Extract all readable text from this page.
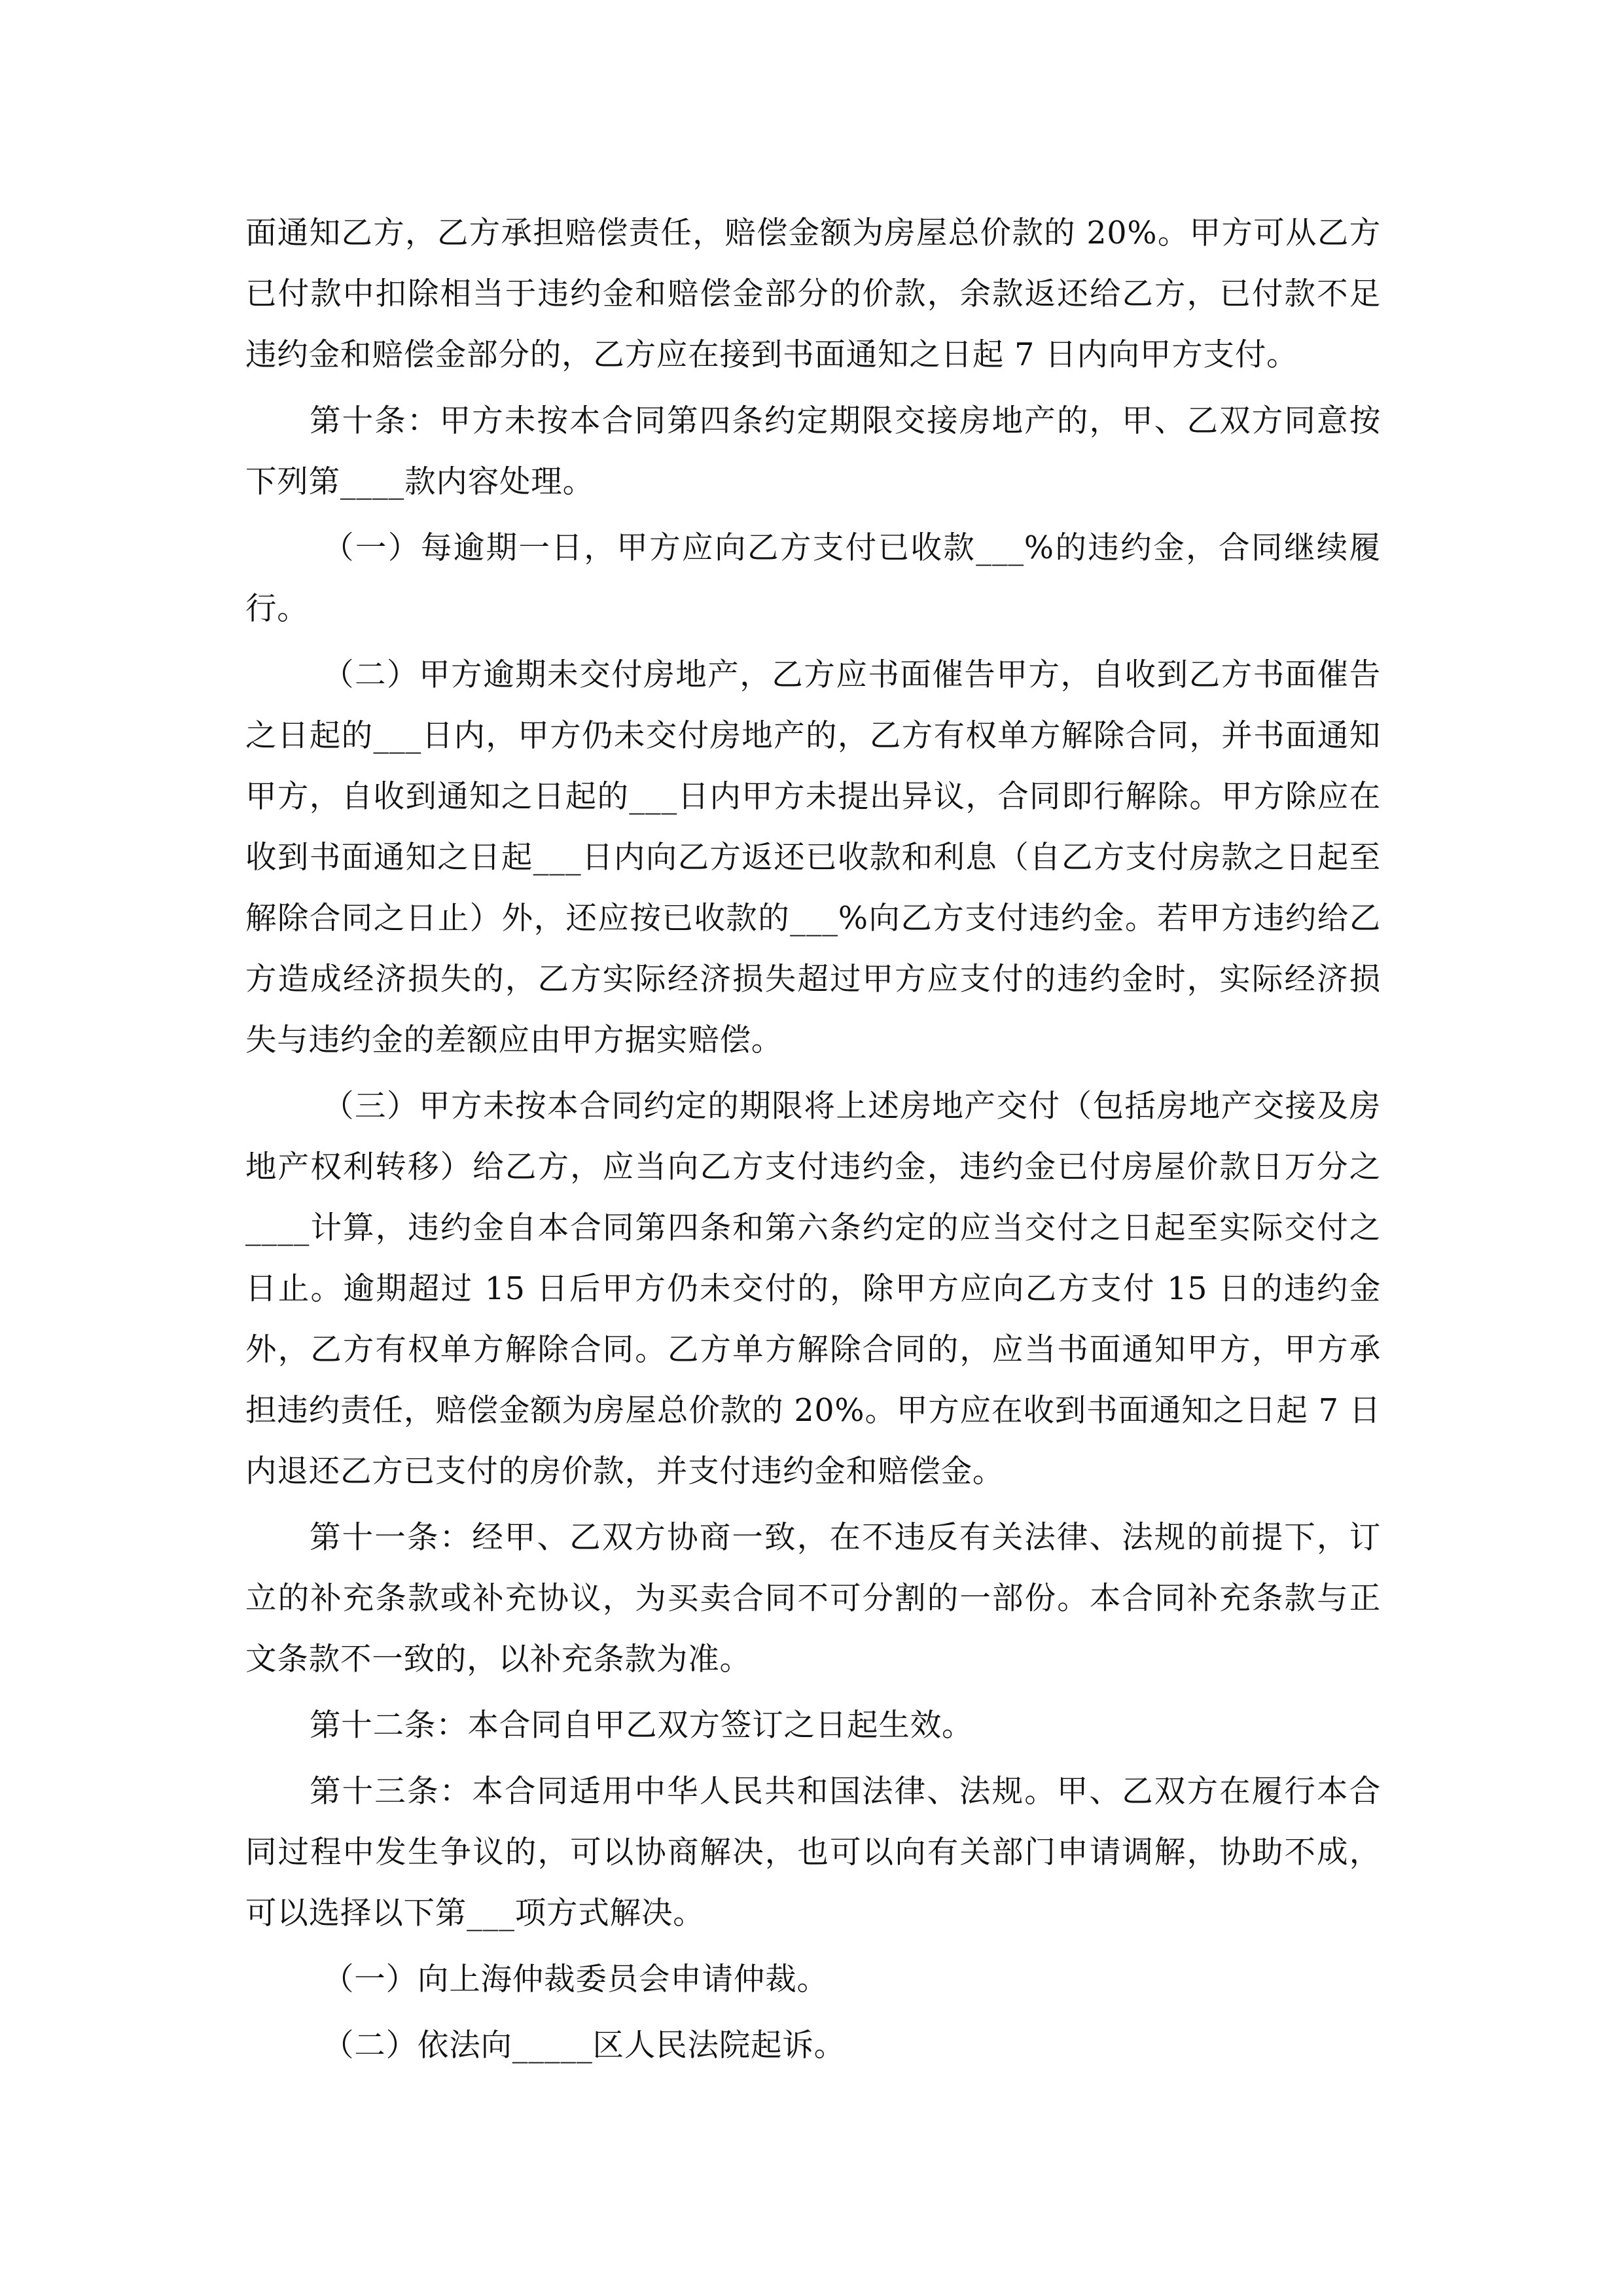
面通知乙方，乙方承担赔偿责任，赔偿金额为房屋总价款的 20%。甲方可从乙方已付款中扣除相当于违约金和赔偿金部分的价款，余款返还给乙方，已付款不足违约金和赔偿金部分的，乙方应在接到书面通知之日起 7 日内向甲方支付。

第十条：甲方未按本合同第四条约定期限交接房地产的，甲、乙双方同意按下列第____款内容处理。

（一）每逾期一日，甲方应向乙方支付已收款___%的违约金，合同继续履行。

（二）甲方逾期未交付房地产，乙方应书面催告甲方，自收到乙方书面催告之日起的___日内，甲方仍未交付房地产的，乙方有权单方解除合同，并书面通知甲方，自收到通知之日起的___日内甲方未提出异议，合同即行解除。甲方除应在收到书面通知之日起___日内向乙方返还已收款和利息（自乙方支付房款之日起至解除合同之日止）外，还应按已收款的___%向乙方支付违约金。若甲方违约给乙方造成经济损失的，乙方实际经济损失超过甲方应支付的违约金时，实际经济损失与违约金的差额应由甲方据实赔偿。

（三）甲方未按本合同约定的期限将上述房地产交付（包括房地产交接及房地产权利转移）给乙方，应当向乙方支付违约金，违约金已付房屋价款日万分之____计算，违约金自本合同第四条和第六条约定的应当交付之日起至实际交付之日止。逾期超过 15 日后甲方仍未交付的，除甲方应向乙方支付 15 日的违约金外，乙方有权单方解除合同。乙方单方解除合同的，应当书面通知甲方，甲方承担违约责任，赔偿金额为房屋总价款的 20%。甲方应在收到书面通知之日起 7 日内退还乙方已支付的房价款，并支付违约金和赔偿金。

第十一条：经甲、乙双方协商一致，在不违反有关法律、法规的前提下，订立的补充条款或补充协议，为买卖合同不可分割的一部份。本合同补充条款与正文条款不一致的，以补充条款为准。

第十二条：本合同自甲乙双方签订之日起生效。

第十三条：本合同适用中华人民共和国法律、法规。甲、乙双方在履行本合同过程中发生争议的，可以协商解决，也可以向有关部门申请调解，协助不成，可以选择以下第___项方式解决。

（一）向上海仲裁委员会申请仲裁。

（二）依法向_____区人民法院起诉。
